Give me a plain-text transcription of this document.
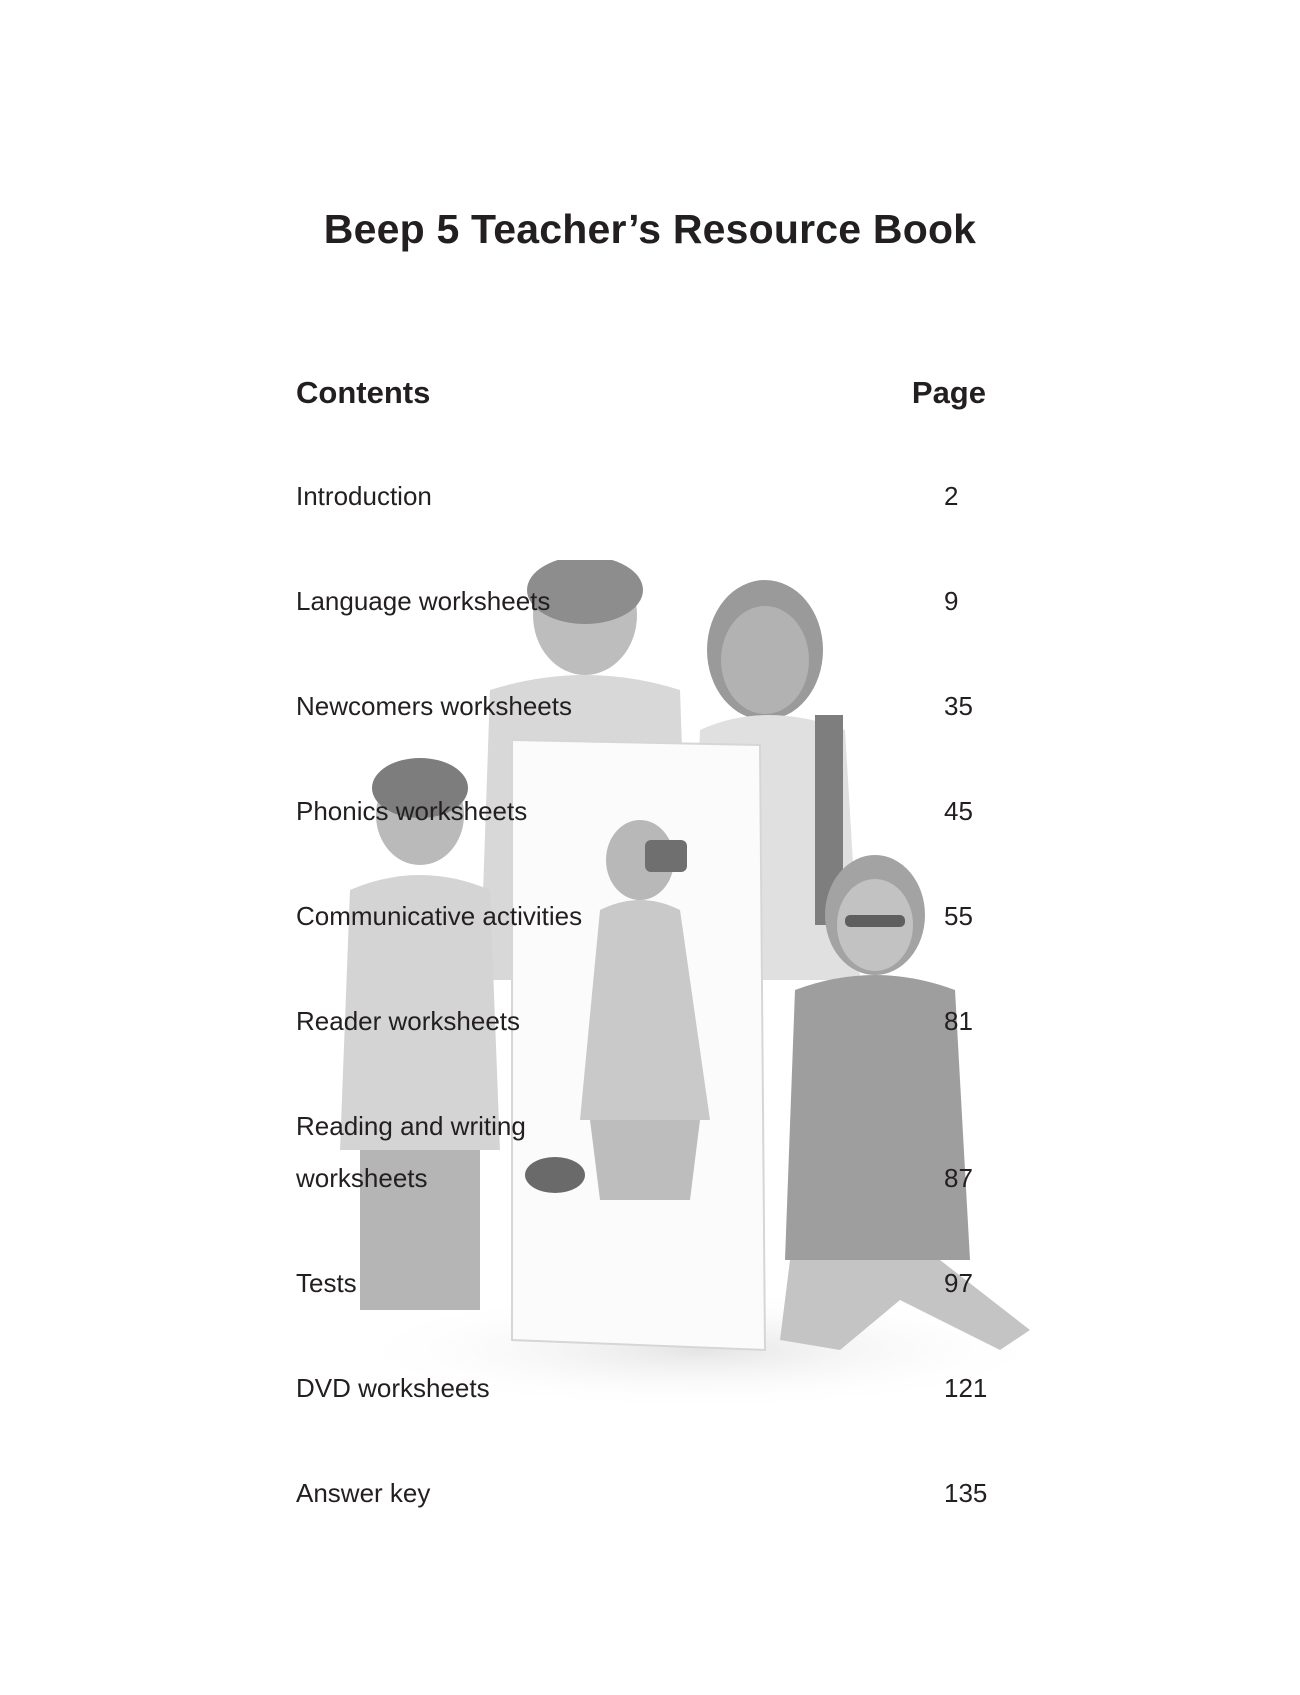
Beep 5 Teacher’s Resource Book
Contents	Page
Introduction	2
Language worksheets	9
Newcomers worksheets	35
Phonics worksheets	45
Communicative activities	55
Reader worksheets	81
Reading and writing worksheets	87
Tests	97
DVD worksheets	121
Answer key	135
